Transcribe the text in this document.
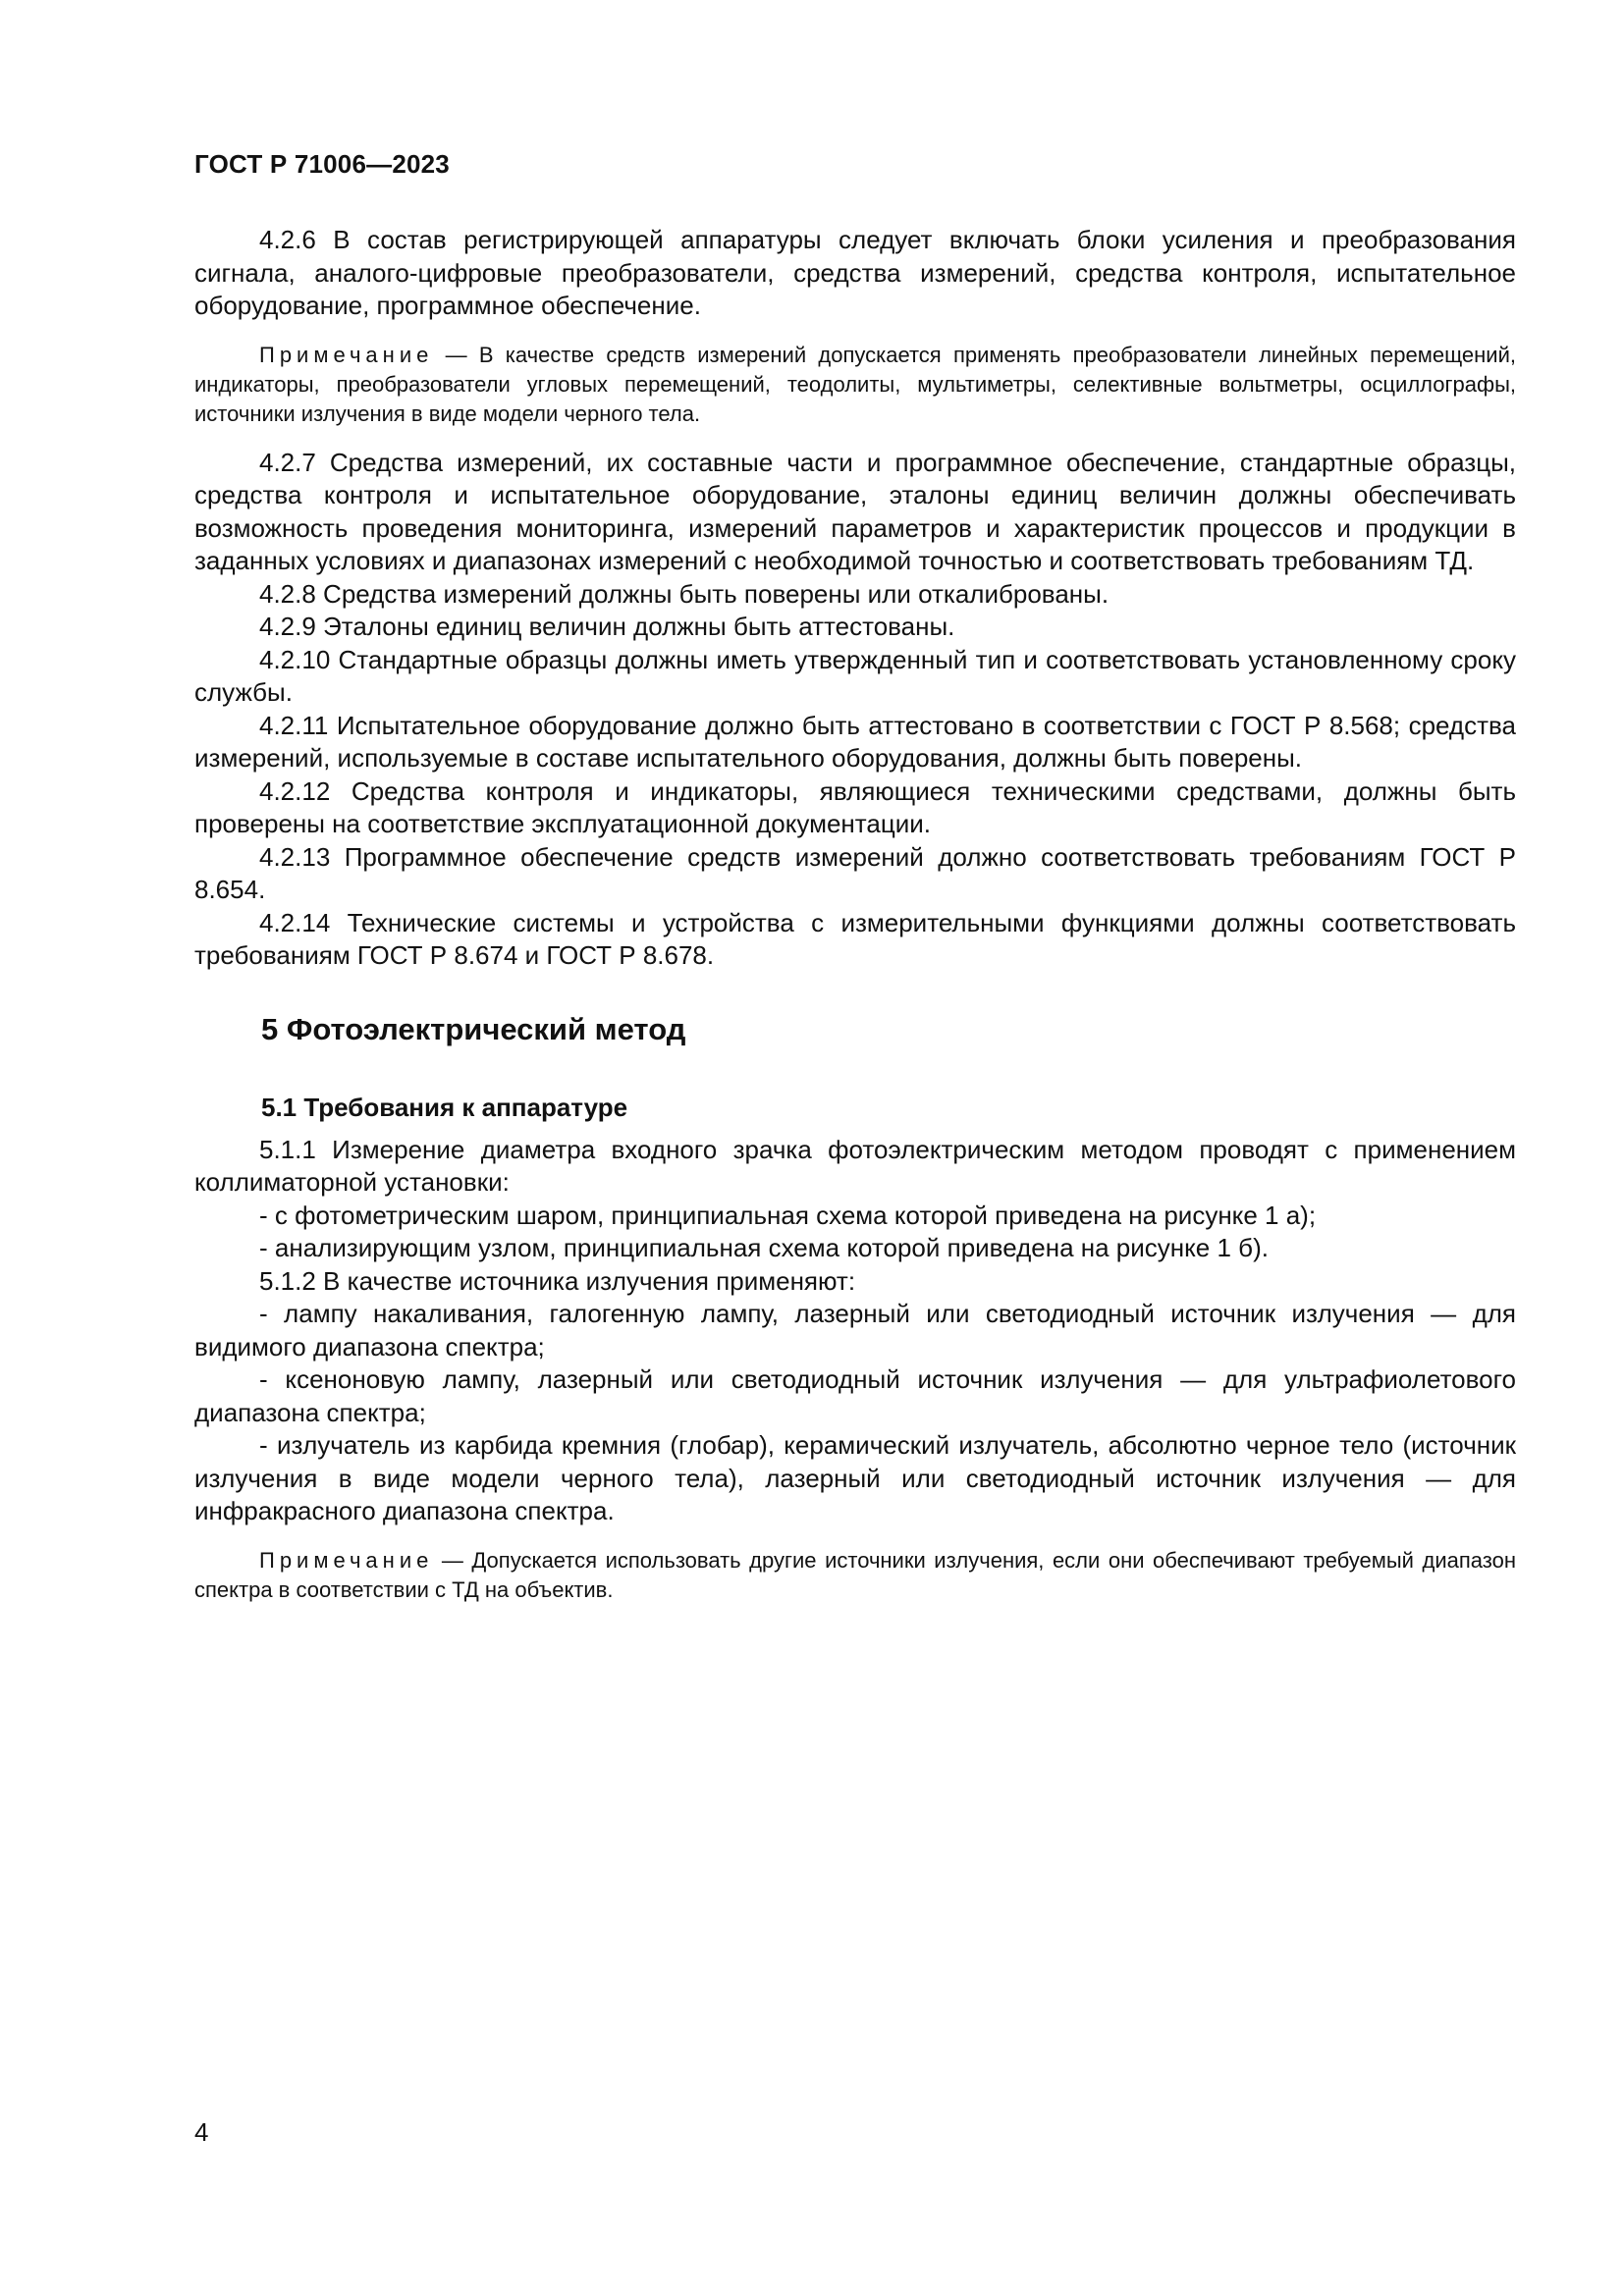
ГОСТ Р 71006—2023

4.2.6 В состав регистрирующей аппаратуры следует включать блоки усиления и преобразования сигнала, аналого-цифровые преобразователи, средства измерений, средства контроля, испытательное оборудование, программное обеспечение.

Примечание — В качестве средств измерений допускается применять преобразователи линейных перемещений, индикаторы, преобразователи угловых перемещений, теодолиты, мультиметры, селективные вольтметры, осциллографы, источники излучения в виде модели черного тела.

4.2.7 Средства измерений, их составные части и программное обеспечение, стандартные образцы, средства контроля и испытательное оборудование, эталоны единиц величин должны обеспечивать возможность проведения мониторинга, измерений параметров и характеристик процессов и продукции в заданных условиях и диапазонах измерений с необходимой точностью и соответствовать требованиям ТД.

4.2.8 Средства измерений должны быть поверены или откалиброваны.

4.2.9 Эталоны единиц величин должны быть аттестованы.

4.2.10 Стандартные образцы должны иметь утвержденный тип и соответствовать установленному сроку службы.

4.2.11 Испытательное оборудование должно быть аттестовано в соответствии с ГОСТ Р 8.568; средства измерений, используемые в составе испытательного оборудования, должны быть поверены.

4.2.12 Средства контроля и индикаторы, являющиеся техническими средствами, должны быть проверены на соответствие эксплуатационной документации.

4.2.13 Программное обеспечение средств измерений должно соответствовать требованиям ГОСТ Р 8.654.

4.2.14 Технические системы и устройства с измерительными функциями должны соответствовать требованиям ГОСТ Р 8.674 и ГОСТ Р 8.678.

5 Фотоэлектрический метод
5.1 Требования к аппаратуре

5.1.1 Измерение диаметра входного зрачка фотоэлектрическим методом проводят с применением коллиматорной установки:

- с фотометрическим шаром, принципиальная схема которой приведена на рисунке 1 а);

- анализирующим узлом, принципиальная схема которой приведена на рисунке 1 б).

5.1.2 В качестве источника излучения применяют:

- лампу накаливания, галогенную лампу, лазерный или светодиодный источник излучения — для видимого диапазона спектра;

- ксеноновую лампу, лазерный или светодиодный источник излучения — для ультрафиолетового диапазона спектра;

- излучатель из карбида кремния (глобар), керамический излучатель, абсолютно черное тело (источник излучения в виде модели черного тела), лазерный или светодиодный источник излучения — для инфракрасного диапазона спектра.

Примечание — Допускается использовать другие источники излучения, если они обеспечивают требуемый диапазон спектра в соответствии с ТД на объектив.

4
